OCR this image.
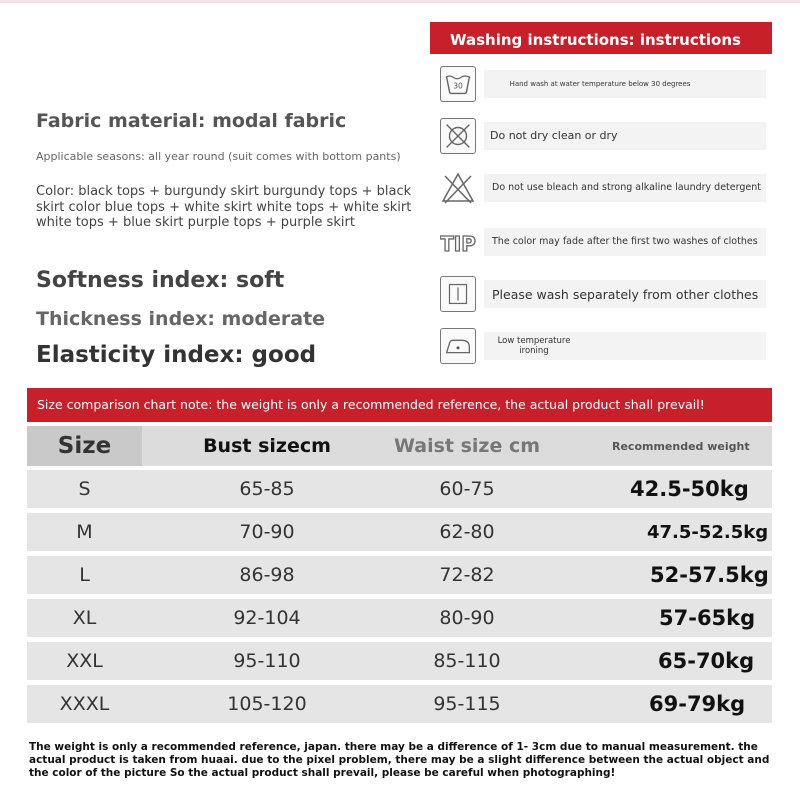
Washing instructions: instructions
30	Hand wash at water temperature below 30 degrees
Do not dry clean or dry
Do not use bleach and strong alkaline laundry detergent
TIP	The color may fade after the first two washes of clothes
Please wash separately from other clothes
Low temperature ironing
Fabric material: modal fabric
Applicable seasons: all year round (suit comes with bottom pants)
Color: black tops + burgundy skirt burgundy tops + black skirt color blue tops + white skirt white tops + white skirt white tops + blue skirt purple tops + purple skirt
Softness index: soft
Thickness index: moderate
Elasticity index: good
Size comparison chart note: the weight is only a recommended reference, the actual product shall prevail!
Size	Bust sizecm	Waist size cm	Recommended weight
S	65-85	60-75	42.5-50kg
M	70-90	62-80	47.5-52.5kg
L	86-98	72-82	52-57.5kg
XL	92-104	80-90	57-65kg
XXL	95-110	85-110	65-70kg
XXXL	105-120	95-115	69-79kg
The weight is only a recommended reference, japan. there may be a difference of 1- 3cm due to manual measurement. the actual product is taken from huaai. due to the pixel problem, there may be a slight difference between the actual object and the color of the picture So the actual product shall prevail, please be careful when photographing!
